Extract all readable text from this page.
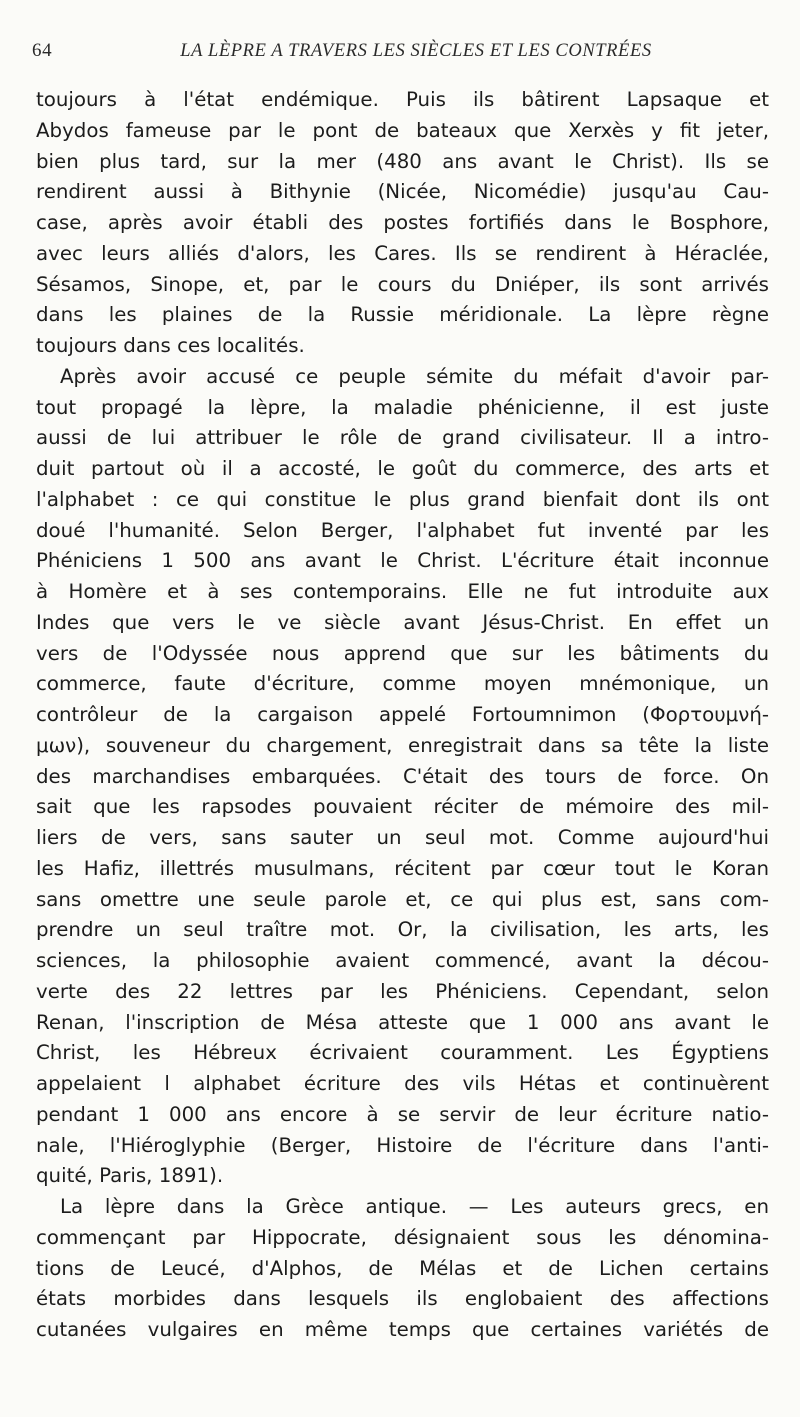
64	LA LÈPRE A TRAVERS LES SIÈCLES ET LES CONTRÉES
toujours à l'état endémique. Puis ils bâtirent Lapsaque et
Abydos fameuse par le pont de bateaux que Xerxès y fit jeter,
bien plus tard, sur la mer (480 ans avant le Christ). Ils se
rendirent aussi à Bithynie (Nicée, Nicomédie) jusqu'au Cau-
case, après avoir établi des postes fortifiés dans le Bosphore,
avec leurs alliés d'alors, les Cares. Ils se rendirent à Héraclée,
Sésamos, Sinope, et, par le cours du Dniéper, ils sont arrivés
dans les plaines de la Russie méridionale. La lèpre règne
toujours dans ces localités.
Après avoir accusé ce peuple sémite du méfait d'avoir par-
tout propagé la lèpre, la maladie phénicienne, il est juste
aussi de lui attribuer le rôle de grand civilisateur. Il a intro-
duit partout où il a accosté, le goût du commerce, des arts et
l'alphabet : ce qui constitue le plus grand bienfait dont ils ont
doué l'humanité. Selon Berger, l'alphabet fut inventé par les
Phéniciens 1 500 ans avant le Christ. L'écriture était inconnue
à Homère et à ses contemporains. Elle ne fut introduite aux
Indes que vers le ve siècle avant Jésus-Christ. En effet un
vers de l'Odyssée nous apprend que sur les bâtiments du
commerce, faute d'écriture, comme moyen mnémonique, un
contrôleur de la cargaison appelé Fortoumnimon (Φορτουμνή-
μων), souveneur du chargement, enregistrait dans sa tête la liste
des marchandises embarquées. C'était des tours de force. On
sait que les rapsodes pouvaient réciter de mémoire des mil-
liers de vers, sans sauter un seul mot. Comme aujourd'hui
les Hafiz, illettrés musulmans, récitent par cœur tout le Koran
sans omettre une seule parole et, ce qui plus est, sans com-
prendre un seul traître mot. Or, la civilisation, les arts, les
sciences, la philosophie avaient commencé, avant la décou-
verte des 22 lettres par les Phéniciens. Cependant, selon
Renan, l'inscription de Mésa atteste que 1 000 ans avant le
Christ, les Hébreux écrivaient couramment. Les Égyptiens
appelaient l alphabet écriture des vils Hétas et continuèrent
pendant 1 000 ans encore à se servir de leur écriture natio-
nale, l'Hiéroglyphie (Berger, Histoire de l'écriture dans l'anti-
quité, Paris, 1891).
La lèpre dans la Grèce antique. — Les auteurs grecs, en
commençant par Hippocrate, désignaient sous les dénomina-
tions de Leucé, d'Alphos, de Mélas et de Lichen certains
états morbides dans lesquels ils englobaient des affections
cutanées vulgaires en même temps que certaines variétés de
